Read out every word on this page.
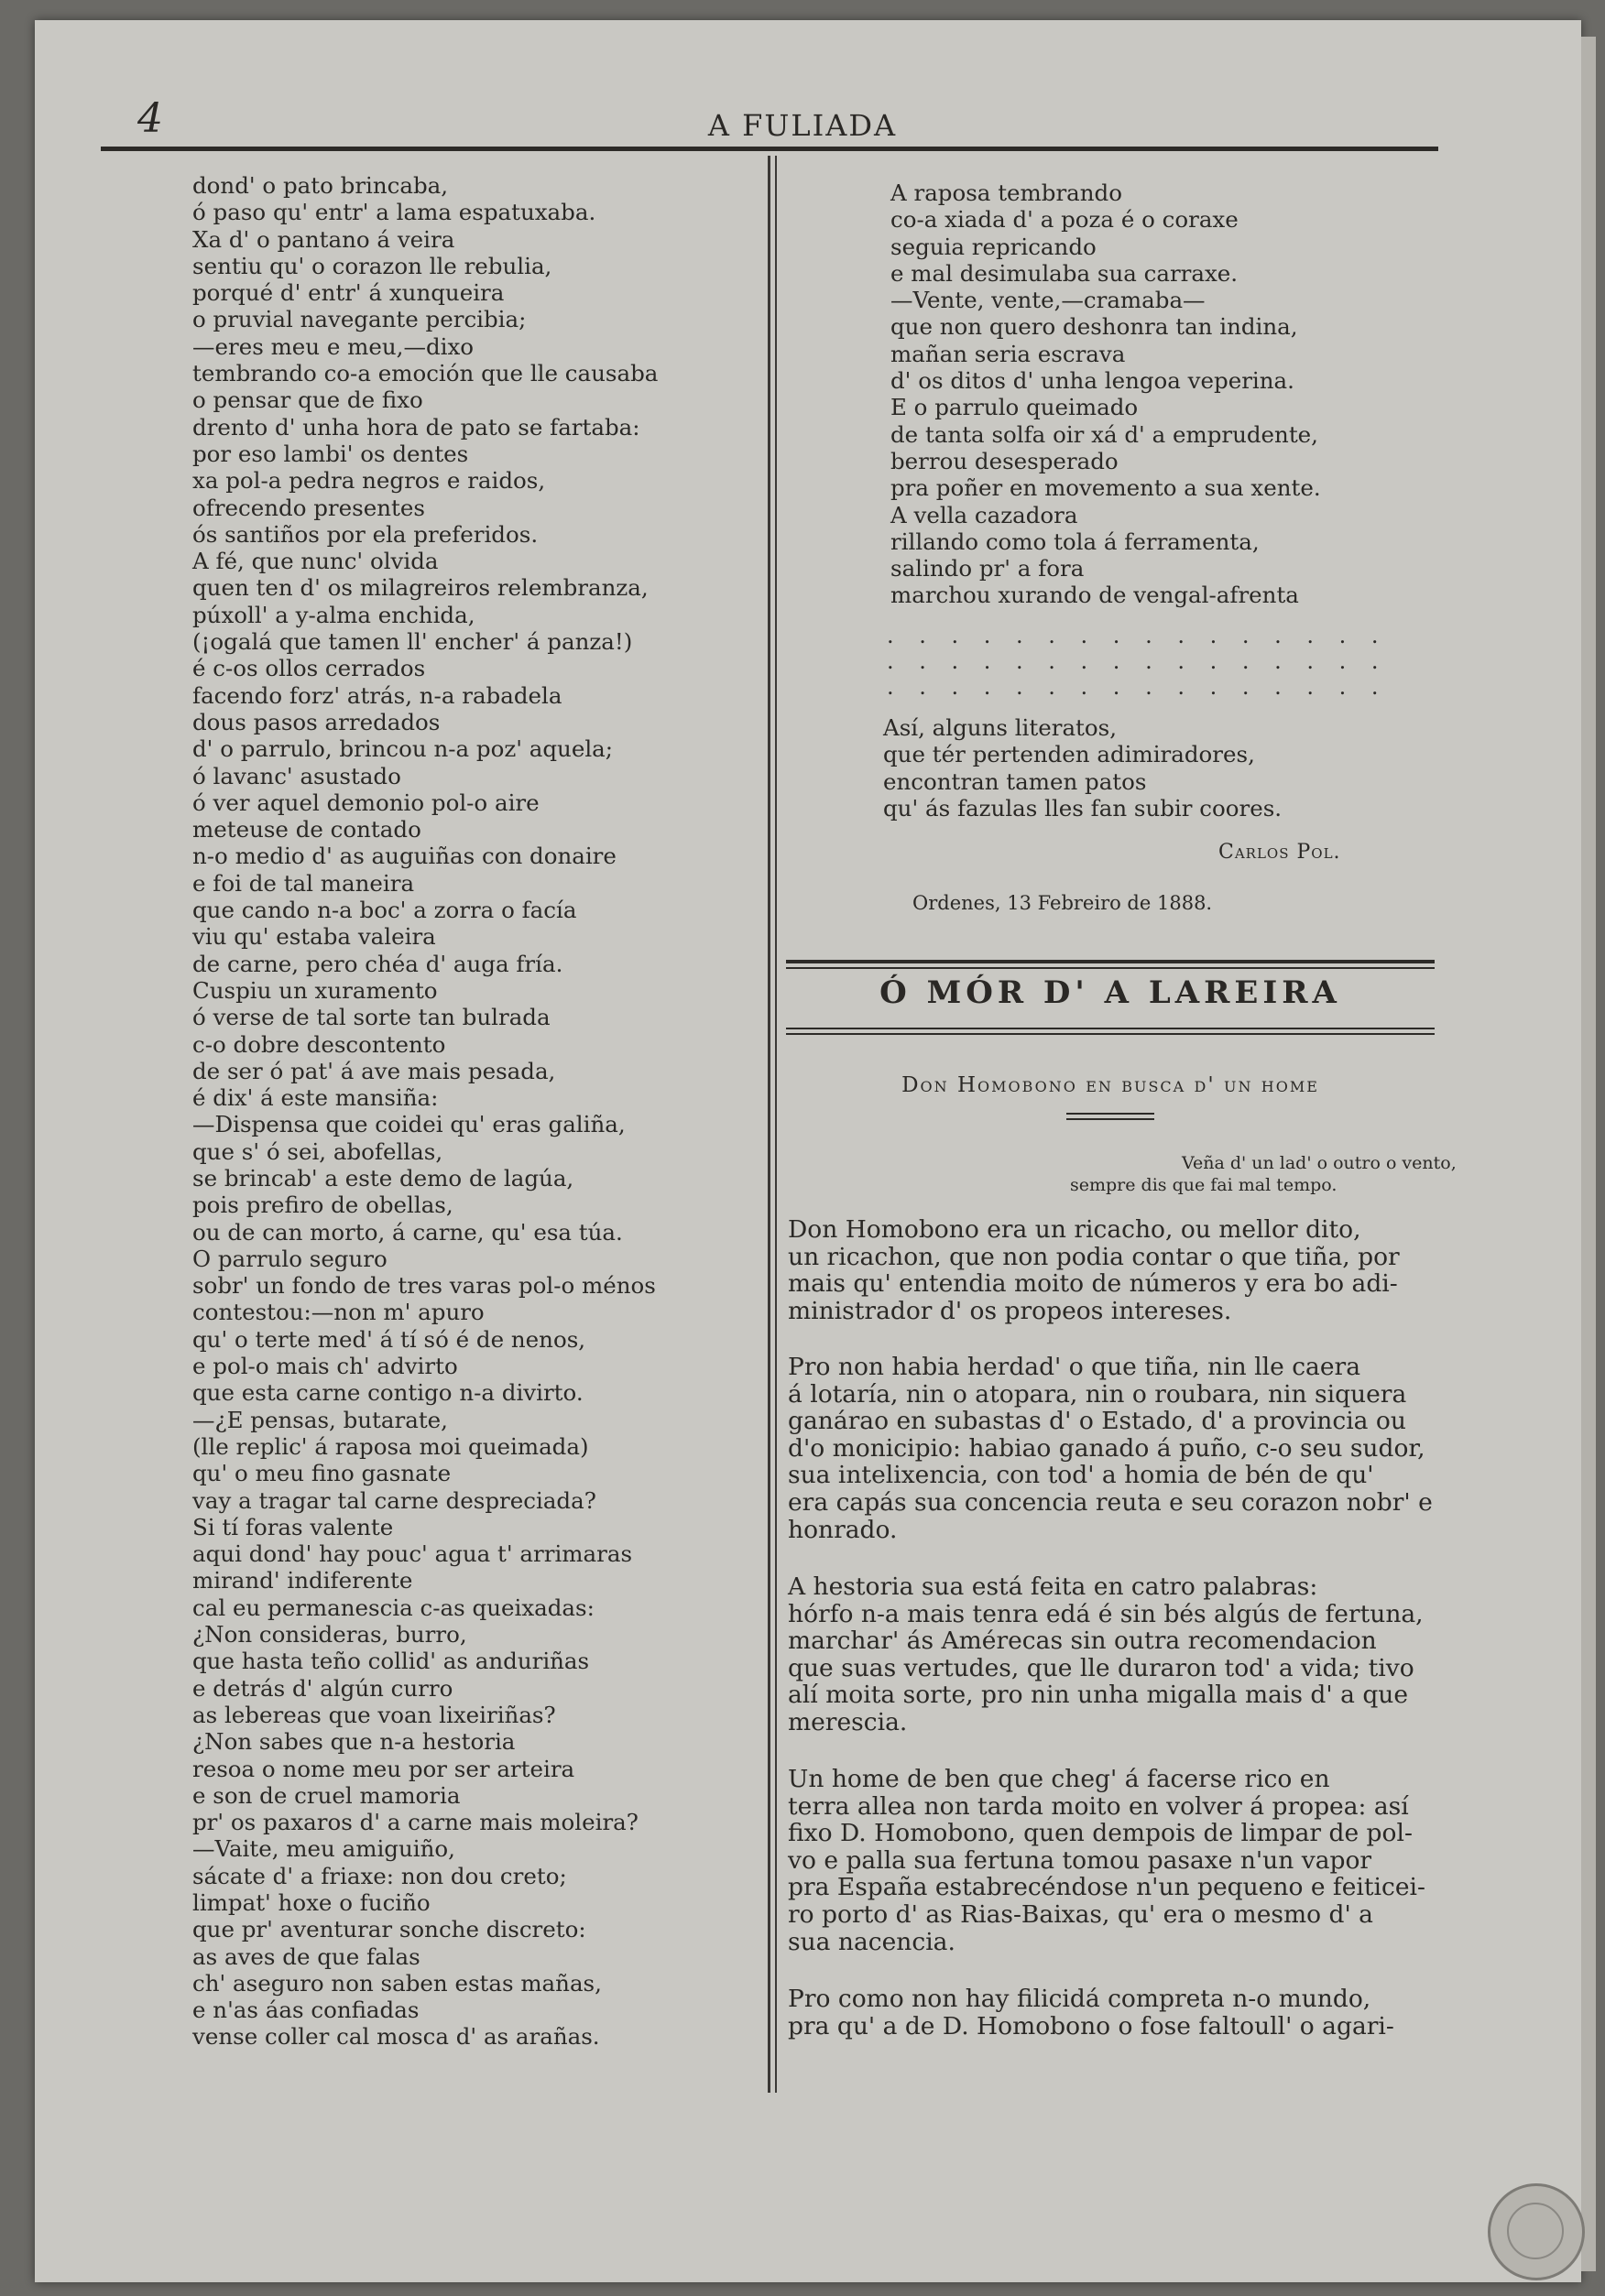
4	A FULIADA
dond' o pato brincaba,
ó paso qu' entr' a lama espatuxaba.
Xa d' o pantano á veira
sentiu qu' o corazon lle rebulia,
porqué d' entr' á xunqueira
o pruvial navegante percibia;
—eres meu e meu,—dixo
tembrando co-a emoción que lle causaba
o pensar que de fixo
drento d' unha hora de pato se fartaba:
por eso lambi' os dentes
xa pol-a pedra negros e raidos,
ofrecendo presentes
ós santiños por ela preferidos.
A fé, que nunc' olvida
quen ten d' os milagreiros relembranza,
púxoll' a y-alma enchida,
(¡ogalá que tamen ll' encher' á panza!)
é c-os ollos cerrados
facendo forz' atrás, n-a rabadela
dous pasos arredados
d' o parrulo, brincou n-a poz' aquela;
ó lavanc' asustado
ó ver aquel demonio pol-o aire
meteuse de contado
n-o medio d' as auguiñas con donaire
e foi de tal maneira
que cando n-a boc' a zorra o facía
viu qu' estaba valeira
de carne, pero chéa d' auga fría.
Cuspiu un xuramento
ó verse de tal sorte tan bulrada
c-o dobre descontento
de ser ó pat' á ave mais pesada,
é dix' á este mansiña:
—Dispensa que coidei qu' eras galiña,
que s' ó sei, abofellas,
se brincab' a este demo de lagúa,
pois prefiro de obellas,
ou de can morto, á carne, qu' esa túa.
O parrulo seguro
sobr' un fondo de tres varas pol-o ménos
contestou:—non m' apuro
qu' o terte med' á tí só é de nenos,
e pol-o mais ch' advirto
que esta carne contigo n-a divirto.
—¿E pensas, butarate,
(lle replic' á raposa moi queimada)
qu' o meu fino gasnate
vay a tragar tal carne despreciada?
Si tí foras valente
aqui dond' hay pouc' agua t' arrimaras
mirand' indiferente
cal eu permanescia c-as queixadas:
¿Non consideras, burro,
que hasta teño collid' as anduriñas
e detrás d' algún curro
as lebereas que voan lixeiriñas?
¿Non sabes que n-a hestoria
resoa o nome meu por ser arteira
e son de cruel mamoria
pr' os paxaros d' a carne mais moleira?
—Vaite, meu amiguiño,
sácate d' a friaxe: non dou creto;
limpat' hoxe o fuciño
que pr' aventurar sonche discreto:
as aves de que falas
ch' aseguro non saben estas mañas,
e n'as áas confiadas
vense coller cal mosca d' as arañas.
A raposa tembrando
co-a xiada d' a poza é o coraxe
seguia repricando
e mal desimulaba sua carraxe.
—Vente, vente,—cramaba—
que non quero deshonra tan indina,
mañan seria escrava
d' os ditos d' unha lengoa veperina.
E o parrulo queimado
de tanta solfa oir xá d' a emprudente,
berrou desesperado
pra poñer en movemento a sua xente.
A vella cazadora
rillando como tola á ferramenta,
salindo pr' a fora
marchou xurando de vengal-afrenta
. . . . . . . . . . . . . . . .
. . . . . . . . . . . . . . . .
. . . . . . . . . . . . . . . .
Así, alguns literatos,
que tér pertenden adimiradores,
encontran tamen patos
qu' ás fazulas lles fan subir coores.
Carlos Pol.
Ordenes, 13 Febreiro de 1888.
Ó MÓR D' A LAREIRA
Don Homobono en busca d' un home
Veña d' un lad' o outro o vento,
sempre dis que fai mal tempo.
Don Homobono era un ricacho, ou mellor dito,
un ricachon, que non podia contar o que tiña, por
mais qu' entendia moito de números y era bo adi-
ministrador d' os propeos intereses.
Pro non habia herdad' o que tiña, nin lle caera
á lotaría, nin o atopara, nin o roubara, nin siquera
ganárao en subastas d' o Estado, d' a provincia ou
d'o monicipio: habiao ganado á puño, c-o seu sudor,
sua intelixencia, con tod' a homia de bén de qu'
era capás sua concencia reuta e seu corazon nobr' e
honrado.
A hestoria sua está feita en catro palabras:
hórfo n-a mais tenra edá é sin bés algús de fertuna,
marchar' ás Amérecas sin outra recomendacion
que suas vertudes, que lle duraron tod' a vida; tivo
alí moita sorte, pro nin unha migalla mais d' a que
merescia.
Un home de ben que cheg' á facerse rico en
terra allea non tarda moito en volver á propea: así
fixo D. Homobono, quen dempois de limpar de pol-
vo e palla sua fertuna tomou pasaxe n'un vapor
pra España estabrecéndose n'un pequeno e feiticei-
ro porto d' as Rias-Baixas, qu' era o mesmo d' a
sua nacencia.
Pro como non hay filicidá compreta n-o mundo,
pra qu' a de D. Homobono o fose faltoull' o agari-
